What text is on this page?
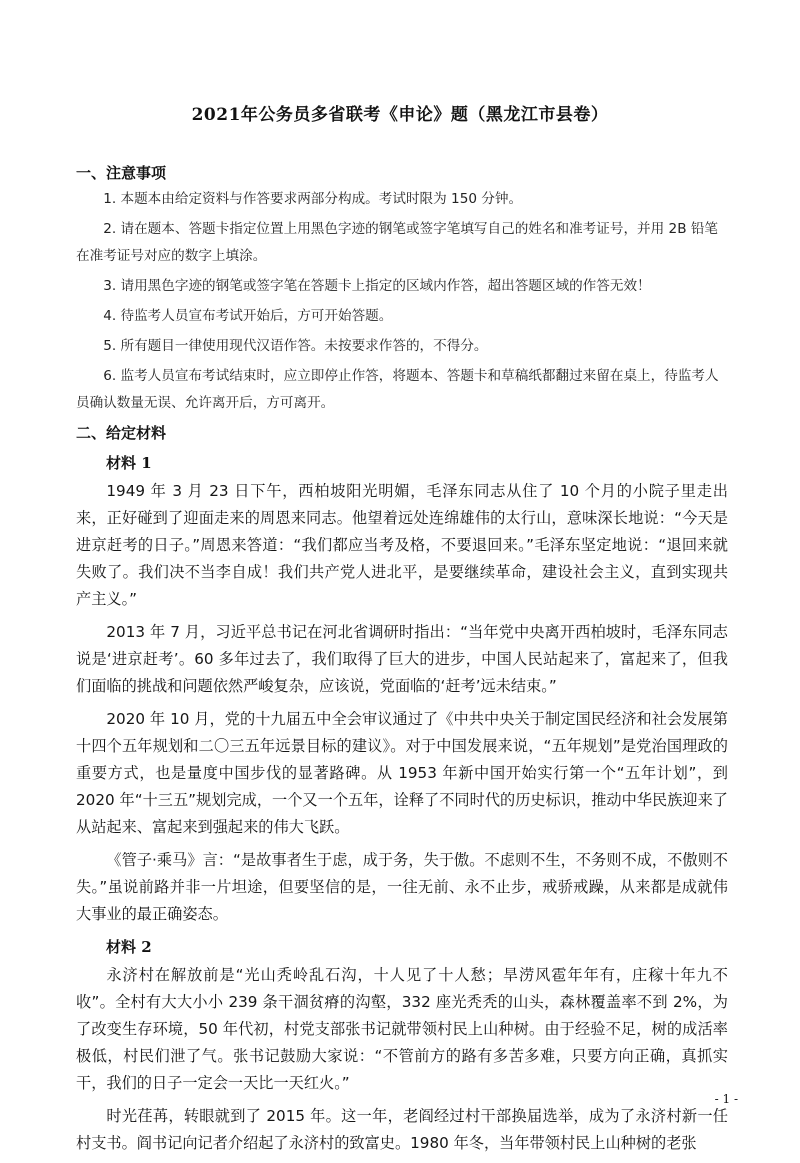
2021年公务员多省联考《申论》题（黑龙江市县卷）
一、注意事项

1. 本题本由给定资料与作答要求两部分构成。考试时限为 150 分钟。

2. 请在题本、答题卡指定位置上用黑色字迹的钢笔或签字笔填写自己的姓名和准考证号，并用 2B 铅笔在准考证号对应的数字上填涂。

3. 请用黑色字迹的钢笔或签字笔在答题卡上指定的区域内作答，超出答题区域的作答无效！

4. 待监考人员宣布考试开始后，方可开始答题。

5. 所有题目一律使用现代汉语作答。未按要求作答的，不得分。

6. 监考人员宣布考试结束时，应立即停止作答，将题本、答题卡和草稿纸都翻过来留在桌上，待监考人员确认数量无误、允许离开后，方可离开。

二、给定材料
材料 1

1949 年 3 月 23 日下午，西柏坡阳光明媚，毛泽东同志从住了 10 个月的小院子里走出来，正好碰到了迎面走来的周恩来同志。他望着远处连绵雄伟的太行山，意味深长地说：“今天是进京赶考的日子。”周恩来答道：“我们都应当考及格，不要退回来。”毛泽东坚定地说：“退回来就失败了。我们决不当李自成！我们共产党人进北平，是要继续革命，建设社会主义，直到实现共产主义。”

2013 年 7 月，习近平总书记在河北省调研时指出：“当年党中央离开西柏坡时，毛泽东同志说是‘进京赶考’。60 多年过去了，我们取得了巨大的进步，中国人民站起来了，富起来了，但我们面临的挑战和问题依然严峻复杂，应该说，党面临的‘赶考’远未结束。”

2020 年 10 月，党的十九届五中全会审议通过了《中共中央关于制定国民经济和社会发展第十四个五年规划和二〇三五年远景目标的建议》。对于中国发展来说，“五年规划”是党治国理政的重要方式，也是量度中国步伐的显著路碑。从 1953 年新中国开始实行第一个“五年计划”，到 2020 年“十三五”规划完成，一个又一个五年，诠释了不同时代的历史标识，推动中华民族迎来了从站起来、富起来到强起来的伟大飞跃。

《管子·乘马》言：“是故事者生于虑，成于务，失于傲。不虑则不生，不务则不成，不傲则不失。”虽说前路并非一片坦途，但要坚信的是，一往无前、永不止步，戒骄戒躁，从来都是成就伟大事业的最正确姿态。

材料 2

永济村在解放前是“光山秃岭乱石沟，十人见了十人愁；旱涝风雹年年有，庄稼十年九不收”。全村有大大小小 239 条干涸贫瘠的沟壑，332 座光秃秃的山头，森林覆盖率不到 2%，为了改变生存环境，50 年代初，村党支部张书记就带领村民上山种树。由于经验不足，树的成活率极低，村民们泄了气。张书记鼓励大家说：“不管前方的路有多苦多难，只要方向正确，真抓实干，我们的日子一定会一天比一天红火。”

时光荏苒，转眼就到了 2015 年。这一年，老阎经过村干部换届选举，成为了永济村新一任村支书。阎书记向记者介绍起了永济村的致富史。1980 年冬，当年带领村民上山种树的老张

- 1 -
